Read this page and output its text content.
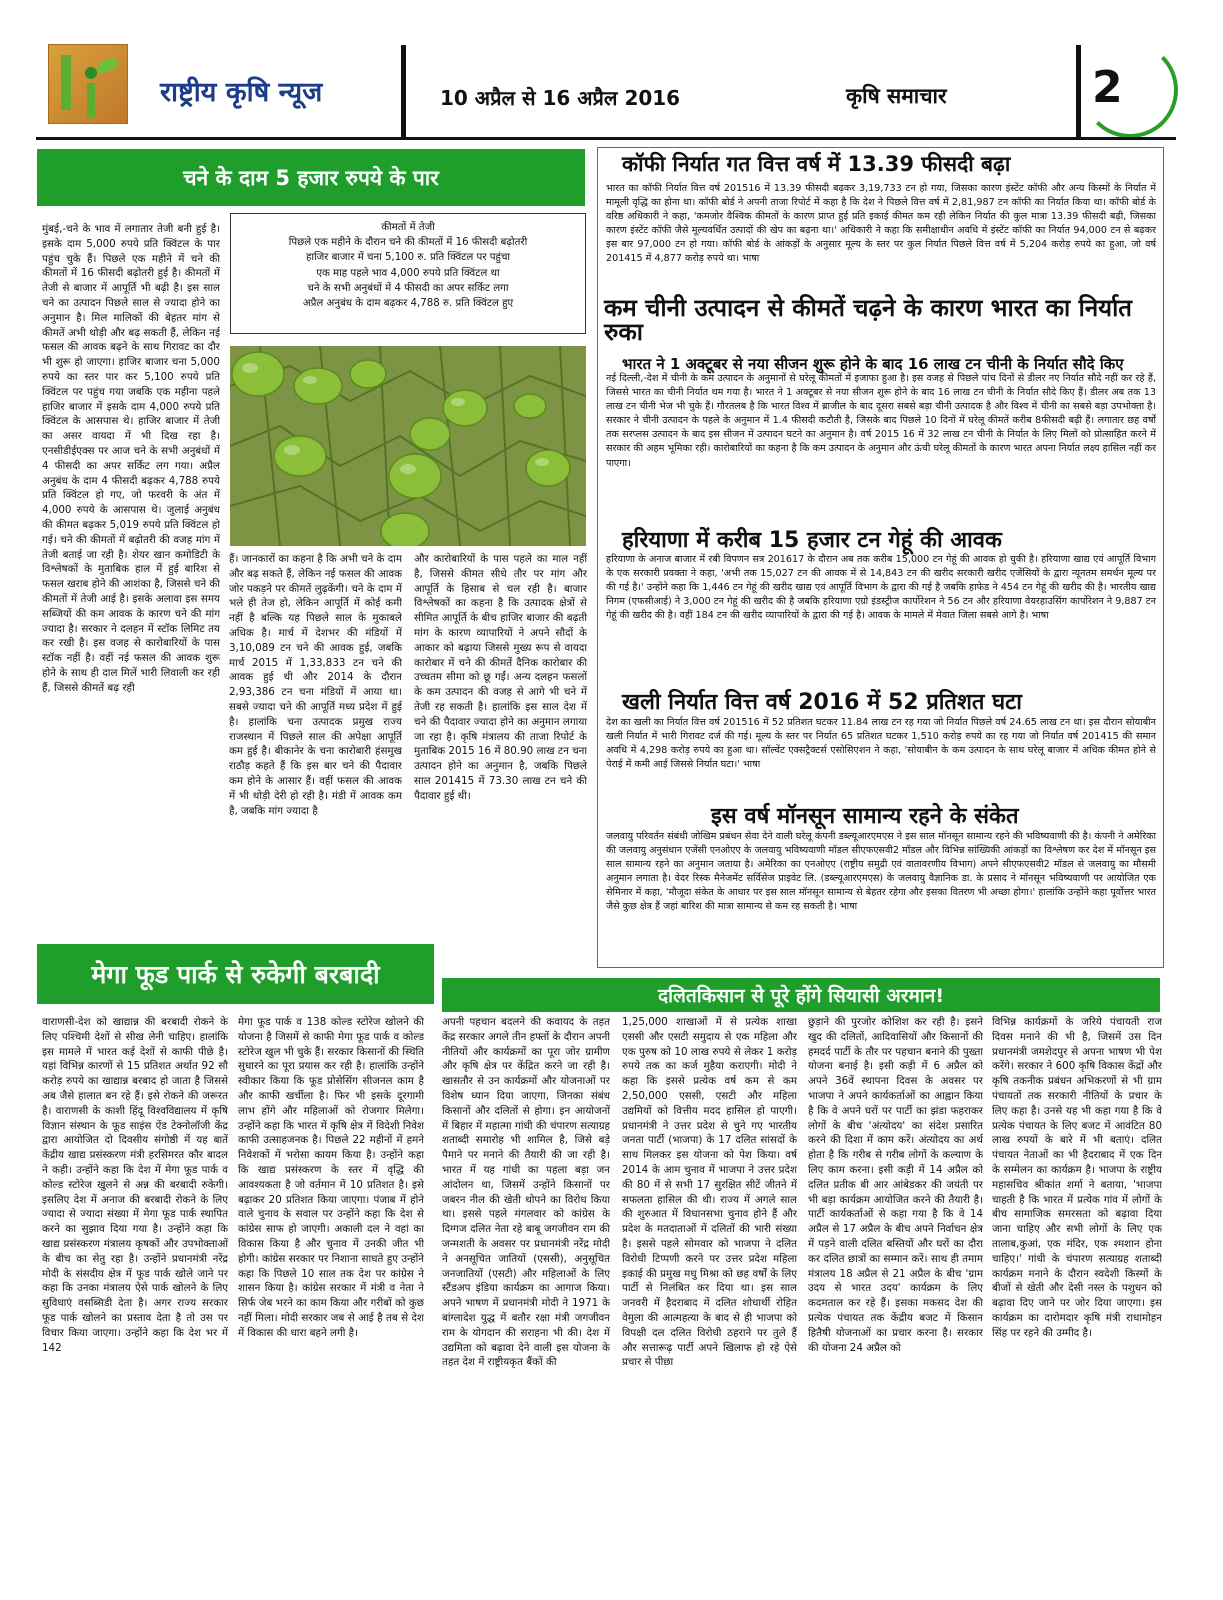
राष्ट्रीय कृषि न्यूज	10 अप्रैल से 16 अप्रैल 2016	कृषि समाचार	2
चने के दाम 5 हजार रुपये के पार
मुंबई,-चने के भाव में लगातार तेजी बनी हुई है। इसके दाम 5,000 रुपये प्रति क्विंटल के पार पहुंच चुके हैं। पिछले एक महीने में चने की कीमतों में 16 फीसदी बढ़ोतरी हुई है। कीमतों में तेजी से बाजार में आपूर्ति भी बढ़ी है। इस साल चने का उत्पादन पिछले साल से ज्यादा होने का अनुमान है। मिल मालिकों की बेहतर मांग से कीमतें अभी थोड़ी और बढ़ सकती हैं, लेकिन नई फसल की आवक बढ़ने के साथ गिरावट का दौर भी शुरू हो जाएगा। हाजिर बाजार चना 5,000 रुपये का स्तर पार कर 5,100 रुपये प्रति क्विंटल पर पहुंच गया जबकि एक महीना पहले हाजिर बाजार में इसके दाम 4,000 रुपये प्रति क्विंटल के आसपास थे। हाजिर बाजार में तेजी का असर वायदा में भी दिख रहा है। एनसीडीईएक्स पर आज चने के सभी अनुबंधों में 4 फीसदी का अपर सर्किट लग गया। अप्रैल अनुबंध के दाम 4 फीसदी बढ़कर 4,788 रुपये प्रति क्विंटल हो गए, जो फरवरी के अंत में 4,000 रुपये के आसपास थे। जुलाई अनुबंध की कीमत बढ़कर 5,019 रुपये प्रति क्विंटल हो गई। चने की कीमतों में बढ़ोतरी की वजह मांग में तेजी बताई जा रही है। शेयर खान कमोडिटी के विश्लेषकों के मुताबिक हाल में हुई बारिश से फसल खराब होने की आशंका है, जिससे चने की कीमतों में तेजी आई है। इसके अलावा इस समय सब्जियों की कम आवक के कारण चने की मांग ज्यादा है। सरकार ने दलहन में स्टॉक लिमिट तय कर रखी है। इस वजह से कारोबारियों के पास स्टॉक नहीं है। वहीं नई फसल की आवक शुरू होने के साथ ही दाल मिलें भारी लिवाली कर रही हैं, जिससे कीमतें बढ़ रही
कीमतों में तेजी
पिछले एक महीने के दौरान चने की कीमतों में 16 फीसदी बढ़ोतरी
हाजिर बाजार में चना 5,100 रु. प्रति क्विंटल पर पहुंचा
एक माह पहले भाव 4,000 रुपये प्रति क्विंटल था
चने के सभी अनुबंधों में 4 फीसदी का अपर सर्किट लगा
अप्रैल अनुबंध के दाम बढ़कर 4,788 रु. प्रति क्विंटल हुए
हैं। जानकारों का कहना है कि अभी चने के दाम और बढ़ सकते हैं, लेकिन नई फसल की आवक जोर पकड़ने पर कीमतें लुढ़केंगी। चने के दाम में भले ही तेज हो, लेकिन आपूर्ति में कोई कमी नहीं है बल्कि यह पिछले साल के मुकाबले अधिक है। मार्च में देशभर की मंडियों में 3,10,089 टन चने की आवक हुई, जबकि मार्च 2015 में 1,33,833 टन चने की आवक हुई थी और 2014 के दौरान 2,93,386 टन चना मंडियों में आया था। सबसे ज्यादा चने की आपूर्ति मध्य प्रदेश में हुई है। हालांकि चना उत्पादक प्रमुख राज्य राजस्थान में पिछले साल की अपेक्षा आपूर्ति कम हुई है। बीकानेर के चना कारोबारी हंसमुख राठौड़ कहते हैं कि इस बार चने की पैदावार कम होने के आसार हैं। वहीं फसल की आवक में भी थोड़ी देरी हो रही है। मंडी में आवक कम है, जबकि मांग ज्यादा है
और कारोबारियों के पास पहले का माल नहीं है, जिससे कीमत सीधे तौर पर मांग और आपूर्ति के हिसाब से चल रही है। बाजार विश्लेषकों का कहना है कि उत्पादक क्षेत्रों से सीमित आपूर्ति के बीच हाजिर बाजार की बढ़ती मांग के कारण व्यापारियों ने अपने सौदों के आकार को बढ़ाया जिससे मुख्य रूप से वायदा कारोबार में चने की कीमतें दैनिक कारोबार की उच्चतम सीमा को छू गईं। अन्य दलहन फसलों के कम उत्पादन की वजह से आगे भी चने में तेजी रह सकती है। हालांकि इस साल देश में चने की पैदावार ज्यादा होने का अनुमान लगाया जा रहा है। कृषि मंत्रालय की ताजा रिपोर्ट के मुताबिक 2015 16 में 80.90 लाख टन चना उत्पादन होने का अनुमान है, जबकि पिछले साल 201415 में 73.30 लाख टन चने की पैदावार हुई थी।
कॉफी निर्यात गत वित्त वर्ष में 13.39 फीसदी बढ़ा
भारत का कॉफी निर्यात वित्त वर्ष 201516 में 13.39 फीसदी बढ़कर 3,19,733 टन हो गया, जिसका कारण इंस्टेंट कॉफी और अन्य किस्मों के निर्यात में मामूली वृद्धि का होना था। कॉफी बोर्ड ने अपनी ताजा रिपोर्ट में कहा है कि देश ने पिछले वित्त वर्ष में 2,81,987 टन कॉफी का निर्यात किया था। कॉफी बोर्ड के वरिष्ठ अधिकारी ने कहा, 'कमजोर वैश्विक कीमतों के कारण प्राप्त हुई प्रति इकाई कीमत कम रही लेकिन निर्यात की कुल मात्रा 13.39 फीसदी बढ़ी, जिसका कारण इंस्टेंट कॉफी जैसे मूल्यवर्धित उत्पादों की खेप का बढ़ना था।' अधिकारी ने कहा कि समीक्षाधीन अवधि में इंस्टेंट कॉफी का निर्यात 94,000 टन से बढ़कर इस बार 97,000 टन हो गया। कॉफी बोर्ड के आंकड़ों के अनुसार मूल्य के स्तर पर कुल निर्यात पिछले वित्त वर्ष में 5,204 करोड़ रुपये का हुआ, जो वर्ष 201415 में 4,877 करोड़ रुपये था। भाषा
कम चीनी उत्पादन से कीमतें चढ़ने के कारण भारत का निर्यात रुका
भारत ने 1 अक्टूबर से नया सीजन शुरू होने के बाद 16 लाख टन चीनी के निर्यात सौदे किए
नई दिल्ली,-देश में चीनी के कम उत्पादन के अनुमानों से घरेलू कीमतों में इजाफा हुआ है। इस वजह से पिछले पांच दिनों से डीलर नए निर्यात सौदे नहीं कर रहे हैं, जिससे भारत का चीनी निर्यात थम गया है। भारत ने 1 अक्टूबर से नया सीजन शुरू होने के बाद 16 लाख टन चीनी के निर्यात सौदे किए हैं। डीलर अब तक 13 लाख टन चीनी भेज भी चुके हैं। गौरतलब है कि भारत विश्व में ब्राजील के बाद दूसरा सबसे बड़ा चीनी उत्पादक है और विश्व में चीनी का सबसे बड़ा उपभोक्ता है। सरकार ने चीनी उत्पादन के पहले के अनुमान में 1.4 फीसदी कटौती है, जिसके बाद पिछले 10 दिनों में घरेलू कीमतें करीब 8फीसदी बढ़ी हैं। लगातार छह वर्षों तक सरप्लस उत्पादन के बाद इस सीजन में उत्पादन घटने का अनुमान है। वर्ष 2015 16 में 32 लाख टन चीनी के निर्यात के लिए मिलों को प्रोत्साहित करने में सरकार की अहम भूमिका रही। कारोबारियों का कहना है कि कम उत्पादन के अनुमान और ऊंची घरेलू कीमतों के कारण भारत अपना निर्यात लक्ष्य हासिल नहीं कर पाएगा।
हरियाणा में करीब 15 हजार टन गेहूं की आवक
हरियाणा के अनाज बाजार में रबी विपणन सत्र 201617 के दौरान अब तक करीब 15,000 टन गेहूं की आवक हो चुकी है। हरियाणा खाद्य एवं आपूर्ति विभाग के एक सरकारी प्रवक्ता ने कहा, 'अभी तक 15,027 टन की आवक में से 14,843 टन की खरीद सरकारी खरीद एजेंसियों के द्वारा न्यूनतम समर्थन मूल्य पर की गई है।' उन्होंने कहा कि 1,446 टन गेहूं की खरीद खाद्य एवं आपूर्ति विभाग के द्वारा की गई है जबकि हाफेड ने 454 टन गेहूं की खरीद की है। भारतीय खाद्य निगम (एफसीआई) ने 3,000 टन गेहूं की खरीद की है जबकि हरियाणा एग्रो इंडस्ट्रीज कार्पोरेशन ने 56 टन और हरियाणा वेयरहाउसिंग कार्पोरेशन ने 9,887 टन गेहूं की खरीद की है। वहीं 184 टन की खरीद व्यापारियों के द्वारा की गई है। आवक के मामले में मेवात जिला सबसे आगे है। भाषा
खली निर्यात वित्त वर्ष 2016 में 52 प्रतिशत घटा
देश का खली का निर्यात वित्त वर्ष 201516 में 52 प्रतिशत घटकर 11.84 लाख टन रह गया जो निर्यात पिछले वर्ष 24.65 लाख टन था। इस दौरान सोयाबीन खली निर्यात में भारी गिरावट दर्ज की गई। मूल्य के स्तर पर निर्यात 65 प्रतिशत घटकर 1,510 करोड़ रुपये का रह गया जो निर्यात वर्ष 201415 की समान अवधि में 4,298 करोड़ रुपये का हुआ था। सॉल्वेंट एक्सट्रैक्टर्स एसोसिएशन ने कहा, 'सोयाबीन के कम उत्पादन के साथ घरेलू बाजार में अधिक कीमत होने से पेराई में कमी आई जिससे निर्यात घटा।' भाषा
इस वर्ष मॉनसून सामान्य रहने के संकेत
जलवायु परिवर्तन संबंधी जोखिम प्रबंधन सेवा देने वाली घरेलू कंपनी डब्ल्यूआरएमएस ने इस साल मॉनसून सामान्य रहने की भविष्यवाणी की है। कंपनी ने अमेरिका की जलवायु अनुसंधान एजेंसी एनओएए के जलवायु भविष्यवाणी मॉडल सीएफएसवी2 मॉडल और विभिन्न सांख्यिकी आंकड़ों का विश्लेषण कर देश में मॉनसून इस साल सामान्य रहने का अनुमान जताया है। अमेरिका का एनओएए (राष्ट्रीय समुद्री एवं वातावरणीय विभाग) अपने सीएफएसवी2 मॉडल से जलवायु का मौसमी अनुमान लगाता है। वेदर रिस्क मैनेजमेंट सर्विसेज प्राइवेट लि. (डब्ल्यूआरएमएस) के जलवायु वैज्ञानिक डा. के प्रसाद ने मॉनसून भविष्यवाणी पर आयोजित एक सेमिनार में कहा, 'मौजूदा संकेत के आधार पर इस साल मॉनसून सामान्य से बेहतर रहेगा और इसका वितरण भी अच्छा होगा।' हालांकि उन्होंने कहा पूर्वोत्तर भारत जैसे कुछ क्षेत्र हैं जहां बारिश की मात्रा सामान्य से कम रह सकती है। भाषा
मेगा फूड पार्क से रुकेगी बरबादी
वाराणसी-देश को खाद्यान्न की बरबादी रोकने के लिए पश्चिमी देशों से सीख लेनी चाहिए। हालांकि इस मामले में भारत कई देशों से काफी पीछे है। यहां विभिन्न कारणों से 15 प्रतिशत अर्थात 92 सौ करोड़ रुपये का खाद्यान्न बरबाद हो जाता है जिससे अब जैसे हालात बन रहे हैं। इसे रोकने की जरूरत है। वाराणसी के काशी हिंदू विश्वविद्यालय में कृषि विज्ञान संस्थान के फूड साइंस ऐंड टेक्नोलॉजी केंद्र द्वारा आयोजित दो दिवसीय संगोष्ठी में यह बातें केंद्रीय खाद्य प्रसंस्करण मंत्री हरसिमरत कौर बादल ने कही। उन्होंने कहा कि देश में मेगा फूड पार्क व कोल्ड स्टोरेज खुलने से अन्न की बरबादी रुकेगी। इसलिए देश में अनाज की बरबादी रोकने के लिए ज्यादा से ज्यादा संख्या में मेगा फूड पार्क स्थापित करने का सुझाव दिया गया है। उन्होंने कहा कि खाद्य प्रसंस्करण मंत्रालय कृषकों और उपभोक्ताओं के बीच का सेतु रहा है। उन्होंने प्रधानमंत्री नरेंद्र मोदी के संसदीय क्षेत्र में फूड पार्क खोले जाने पर कहा कि उनका मंत्रालय ऐसे पार्क खोलने के लिए सुविधाएं वसब्सिडी देता है। अगर राज्य सरकार फूड पार्क खोलने का प्रस्ताव देता है तो उस पर विचार किया जाएगा। उन्होंने कहा कि देश भर में 142
मेगा फूड पार्क व 138 कोल्ड स्टोरेज खोलने की योजना है जिसमें से काफी मेगा फूड पार्क व कोल्ड स्टोरेज खुल भी चुके हैं। सरकार किसानों की स्थिति सुधारने का पूरा प्रयास कर रही है। हालांकि उन्होंने स्वीकार किया कि फूड प्रोसेसिंग सीजनल काम है और काफी खर्चीला है। फिर भी इसके दूरगामी लाभ होंगे और महिलाओं को रोजगार मिलेगा। उन्होंने कहा कि भारत में कृषि क्षेत्र में विदेशी निवेश काफी उत्साहजनक है। पिछले 22 महीनों में हमने निवेशकों में भरोसा कायम किया है। उन्होंने कहा कि खाद्य प्रसंस्करण के स्तर में वृद्धि की आवश्यकता है जो वर्तमान में 10 प्रतिशत है। इसे बढ़ाकर 20 प्रतिशत किया जाएगा। पंजाब में होने वाले चुनाव के सवाल पर उन्होंने कहा कि देश से कांग्रेस साफ हो जाएगी। अकाली दल ने वहां का विकास किया है और चुनाव में उनकी जीत भी होगी। कांग्रेस सरकार पर निशाना साधते हुए उन्होंने कहा कि पिछले 10 साल तक देश पर कांग्रेस ने शासन किया है। कांग्रेस सरकार में मंत्री व नेता ने सिर्फ जेब भरने का काम किया और गरीबों को कुछ नहीं मिला। मोदी सरकार जब से आई है तब से देश में विकास की धारा बहने लगी है।
दलितकिसान से पूरे होंगे सियासी अरमान!
अपनी पहचान बदलने की कवायद के तहत केंद्र सरकार अगले तीन हफ्तों के दौरान अपनी नीतियों और कार्यक्रमों का पूरा जोर ग्रामीण और कृषि क्षेत्र पर केंद्रित करने जा रही है। खासतौर से उन कार्यक्रमों और योजनाओं पर विशेष ध्यान दिया जाएगा, जिनका संबंध किसानों और दलितों से होगा। इन आयोजनों में बिहार में महात्मा गांधी की चंपारण सत्याग्रह शताब्दी समारोह भी शामिल है, जिसे बड़े पैमाने पर मनाने की तैयारी की जा रही है। भारत में यह गांधी का पहला बड़ा जन आंदोलन था, जिसमें उन्होंने किसानों पर जबरन नील की खेती थोपने का विरोध किया था। इससे पहले मंगलवार को कांग्रेस के दिग्गज दलित नेता रहे बाबू जगजीवन राम की जन्मशती के अवसर पर प्रधानमंत्री नरेंद्र मोदी ने अनसूचित जातियों (एससी), अनुसूचित जनजातियों (एसटी) और महिलाओं के लिए स्टैंडअप इंडिया कार्यक्रम का आगाज किया। अपने भाषण में प्रधानमंत्री मोदी ने 1971 के बांग्लादेश युद्ध में बतौर रक्षा मंत्री जगजीवन राम के योगदान की सराहना भी की। देश में उद्यमिता को बढ़ावा देने वाली इस योजना के तहत देश में राष्ट्रीयकृत बैंकों की
1,25,000 शाखाओं में से प्रत्येक शाखा एससी और एसटी समुदाय से एक महिला और एक पुरुष को 10 लाख रुपये से लेकर 1 करोड़ रुपये तक का कर्ज मुहैया कराएगी। मोदी ने कहा कि इससे प्रत्येक वर्ष कम से कम 2,50,000 एससी, एसटी और महिला उद्यमियों को वित्तीय मदद हासिल हो पाएगी। प्रधानमंत्री ने उत्तर प्रदेश से चुने गए भारतीय जनता पार्टी (भाजपा) के 17 दलित सांसदों के साथ मिलकर इस योजना को पेश किया। वर्ष 2014 के आम चुनाव में भाजपा ने उत्तर प्रदेश की 80 में से सभी 17 सुरक्षित सीटें जीतने में सफलता हासिल की थी। राज्य में अगले साल की शुरुआत में विधानसभा चुनाव होने हैं और प्रदेश के मतदाताओं में दलितों की भारी संख्या है। इससे पहले सोमवार को भाजपा ने दलित विरोधी टिप्पणी करने पर उत्तर प्रदेश महिला इकाई की प्रमुख मधु मिश्रा को छह वर्षों के लिए पार्टी से निलंबित कर दिया था। इस साल जनवरी में हैदराबाद में दलित शोधार्थी रोहित वेमुला की आत्महत्या के बाद से ही भाजपा को विपक्षी दल दलित विरोधी ठहराने पर तुले हैं और सत्तारूढ़ पार्टी अपने खिलाफ हो रहे ऐसे प्रचार से पीछा
छुड़ाने की पुरजोर कोशिश कर रही है। इसने खुद की दलितों, आदिवासियों और किसानों की हमदर्द पार्टी के तौर पर पहचान बनाने की पुख्ता योजना बनाई है। इसी कड़ी में 6 अप्रैल को अपने 36वें स्थापना दिवस के अवसर पर भाजपा ने अपने कार्यकर्ताओं का आह्वान किया है कि वे अपने घरों पर पार्टी का झंडा फहराकर लोगों के बीच 'अंत्योदय' का संदेश प्रसारित करने की दिशा में काम करें। अंत्योदय का अर्थ होता है कि गरीब से गरीब लोगों के कल्याण के लिए काम करना। इसी कड़ी में 14 अप्रैल को दलित प्रतीक बी आर आंबेडकर की जयंती पर भी बड़ा कार्यक्रम आयोजित करने की तैयारी है। पार्टी कार्यकर्ताओं से कहा गया है कि वे 14 अप्रैल से 17 अप्रैल के बीच अपने निर्वाचन क्षेत्र में पड़ने वाली दलित बस्तियों और घरों का दौरा कर दलित छात्रों का सम्मान करें। साथ ही तमाम मंत्रालय 18 अप्रैल से 21 अप्रैल के बीच 'ग्राम उदय से भारत उदय' कार्यक्रम के लिए कदमताल कर रहे हैं। इसका मकसद देश की प्रत्येक पंचायत तक केंद्रीय बजट में किसान हितैषी योजनाओं का प्रचार करना है। सरकार की योजना 24 अप्रैल को
विभिन्न कार्यक्रमों के जरिये पंचायती राज दिवस मनाने की भी है, जिसमें उस दिन प्रधानमंत्री जमशेदपुर से अपना भाषण भी पेश करेंगे। सरकार ने 600 कृषि विकास केंद्रों और कृषि तकनीक प्रबंधन अभिकरणों से भी ग्राम पंचायतों तक सरकारी नीतियों के प्रचार के लिए कहा है। उनसे यह भी कहा गया है कि वे प्रत्येक पंचायत के लिए बजट में आवंटित 80 लाख रुपयों के बारे में भी बताएं। दलित पंचायत नेताओं का भी हैदराबाद में एक दिन के सम्मेलन का कार्यक्रम है। भाजपा के राष्ट्रीय महासचिव श्रीकांत शर्मा ने बताया, 'भाजपा चाहती है कि भारत में प्रत्येक गांव में लोगों के बीच सामाजिक समरसता को बढ़ावा दिया जाना चाहिए और सभी लोगों के लिए एक तालाब,कुआं, एक मंदिर, एक श्मशान होना चाहिए।' गांधी के चंपारण सत्याग्रह शताब्दी कार्यक्रम मनाने के दौरान स्वदेशी किस्मों के बीजों से खेती और देसी नस्ल के पशुधन को बढ़ावा दिए जाने पर जोर दिया जाएगा। इस कार्यक्रम का दारोमदार कृषि मंत्री राधामोहन सिंह पर रहने की उम्मीद है।
